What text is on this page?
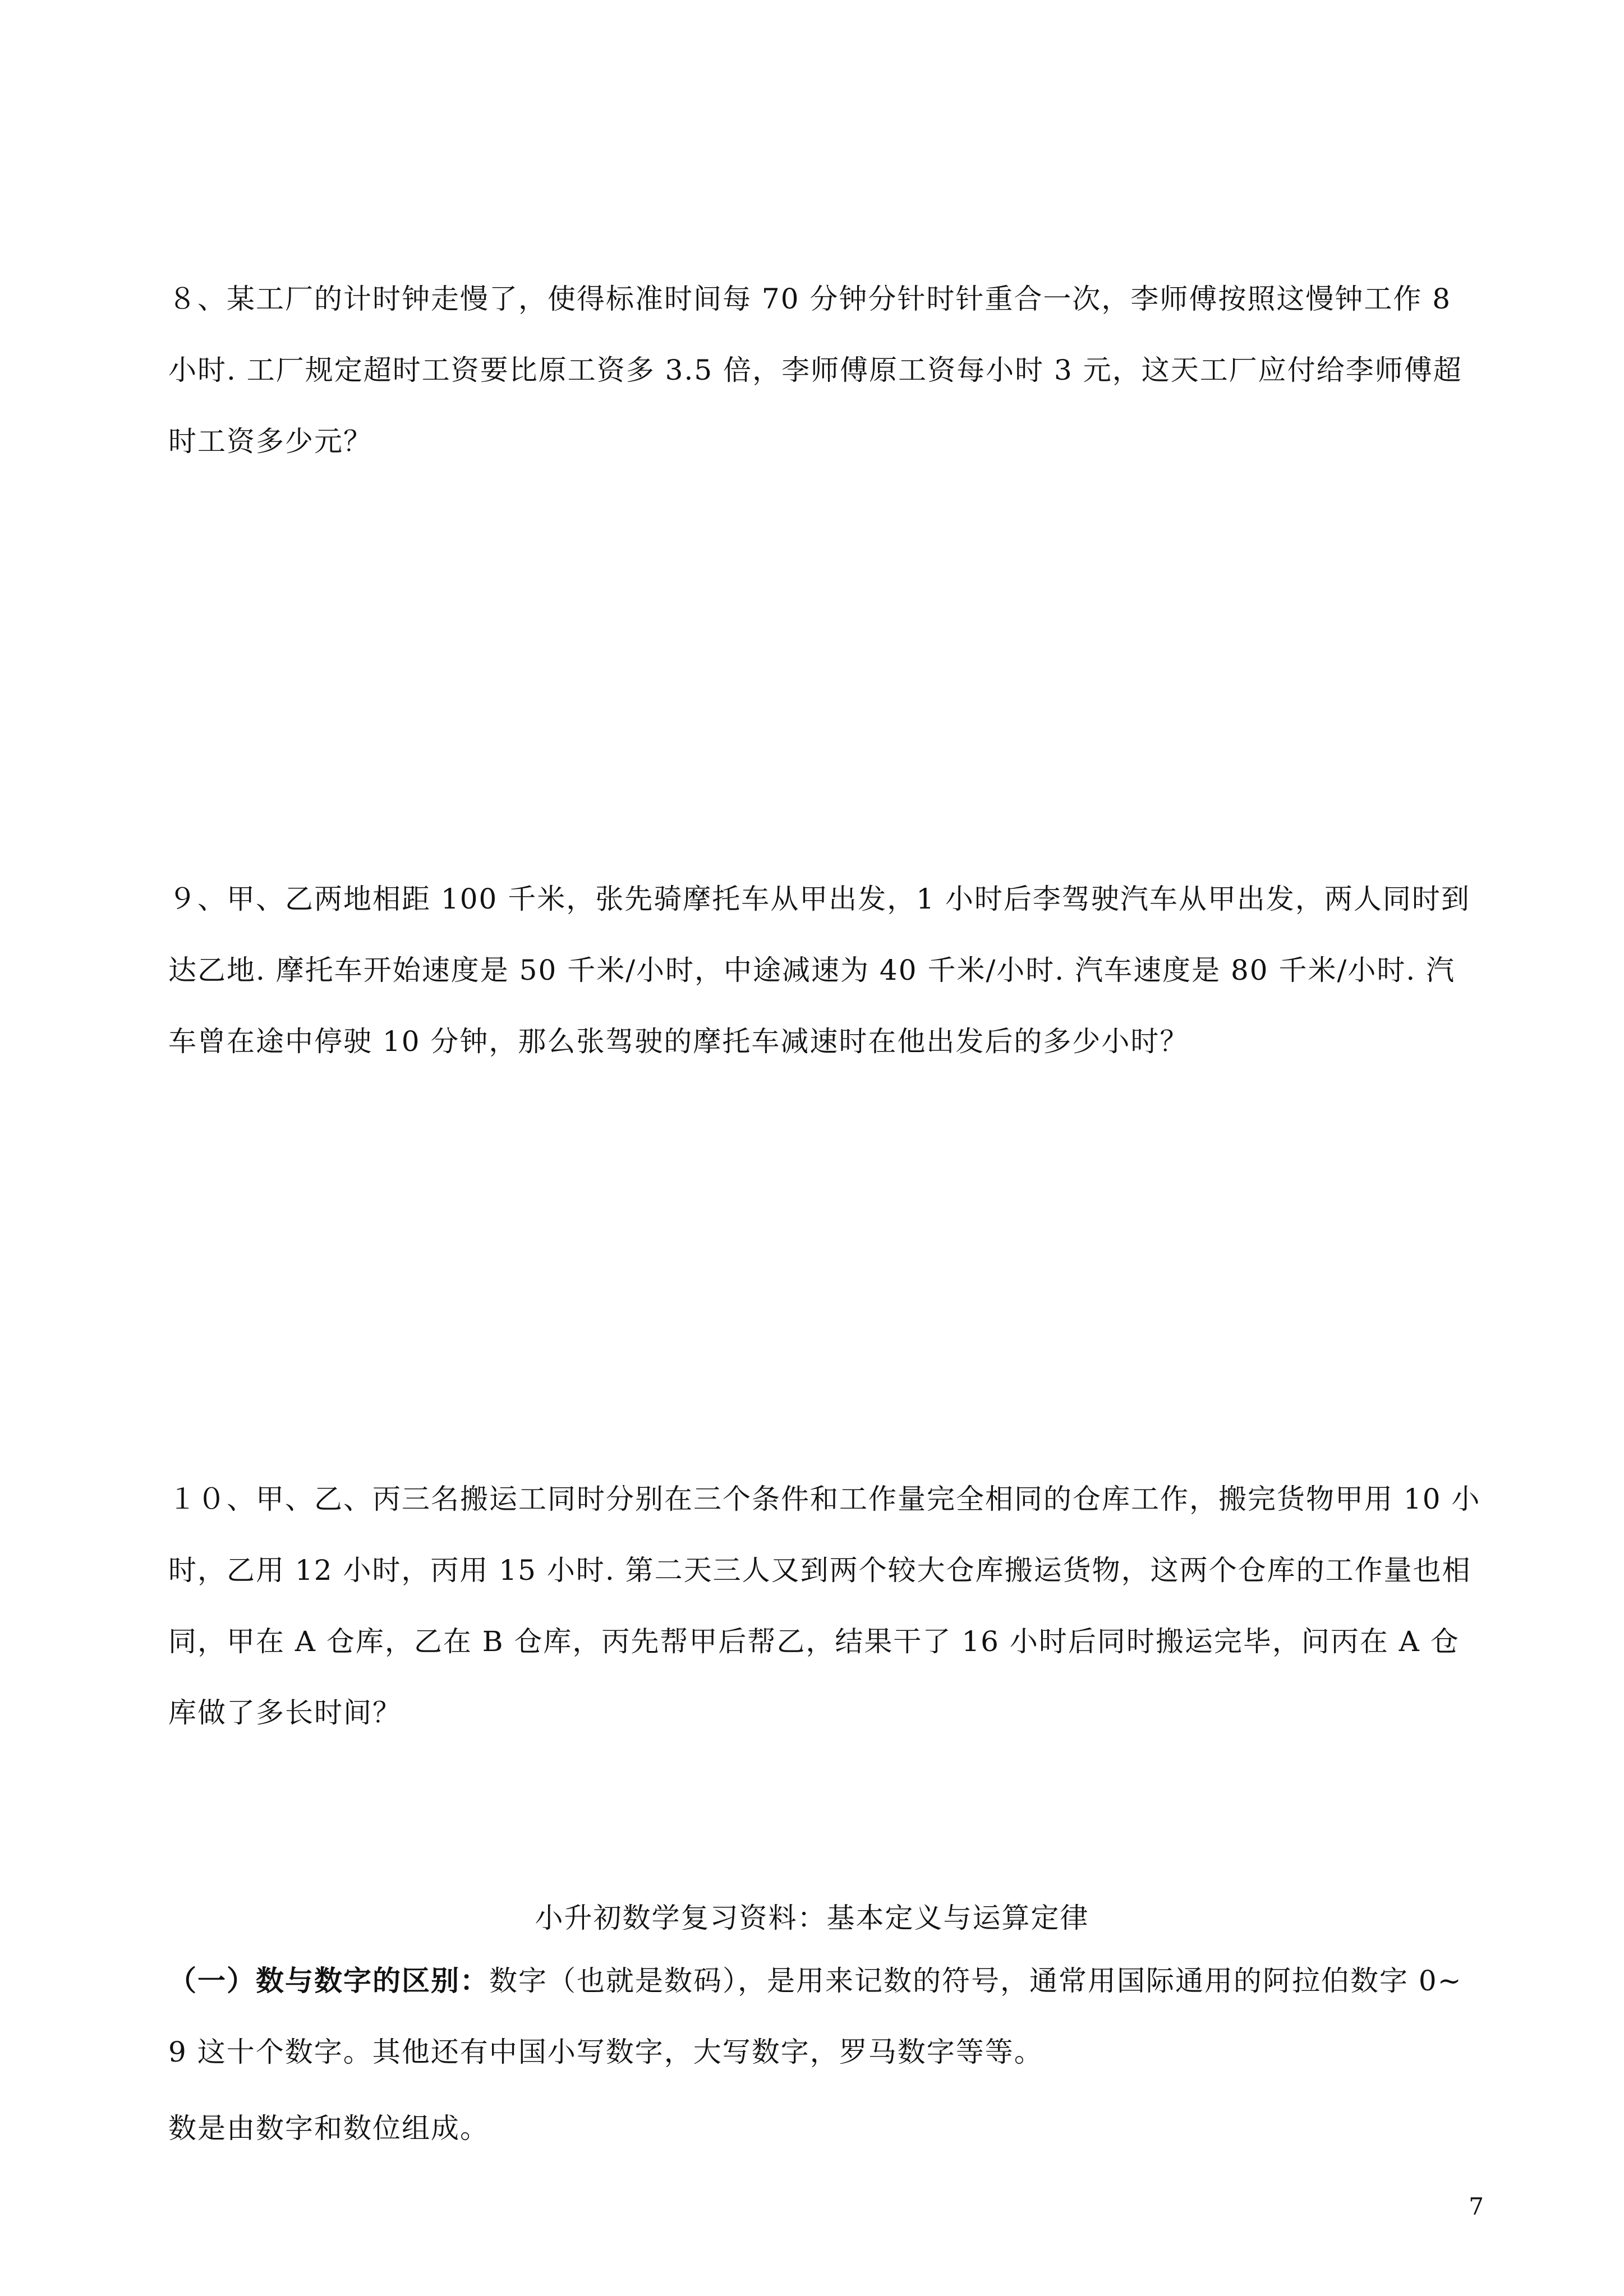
８、某工厂的计时钟走慢了，使得标准时间每 70 分钟分针时针重合一次，李师傅按照这慢钟工作 8 小时. 工厂规定超时工资要比原工资多 3.5 倍，李师傅原工资每小时 3 元，这天工厂应付给李师傅超时工资多少元？

９、甲、乙两地相距 100 千米，张先骑摩托车从甲出发，1 小时后李驾驶汽车从甲出发，两人同时到达乙地. 摩托车开始速度是 50 千米/小时，中途减速为 40 千米/小时. 汽车速度是 80 千米/小时. 汽车曾在途中停驶 10 分钟，那么张驾驶的摩托车减速时在他出发后的多少小时？

１０、甲、乙、丙三名搬运工同时分别在三个条件和工作量完全相同的仓库工作，搬完货物甲用 10 小时，乙用 12 小时，丙用 15 小时. 第二天三人又到两个较大仓库搬运货物，这两个仓库的工作量也相同，甲在 A 仓库，乙在 B 仓库，丙先帮甲后帮乙，结果干了 16 小时后同时搬运完毕，问丙在 A 仓库做了多长时间？

小升初数学复习资料：基本定义与运算定律

（一）数与数字的区别：数字（也就是数码），是用来记数的符号，通常用国际通用的阿拉伯数字 0~9 这十个数字。其他还有中国小写数字，大写数字，罗马数字等等。

数是由数字和数位组成。
7
